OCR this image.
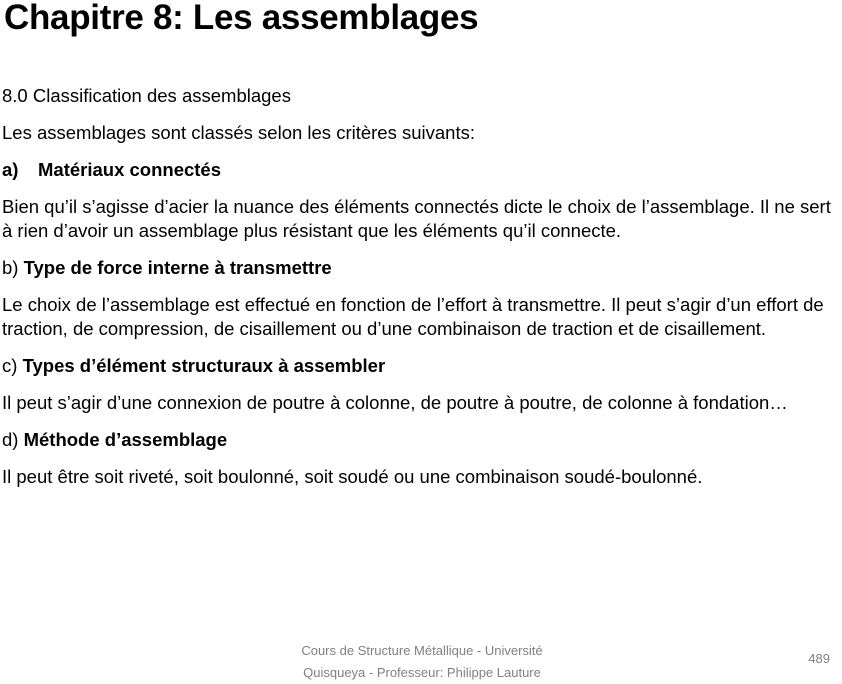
Chapitre 8: Les assemblages

8.0 Classification des assemblages

Les assemblages sont classés selon les critères suivants:

a) Matériaux connectés

Bien qu’il s’agisse d’acier la nuance des éléments connectés dicte le choix de l’assemblage. Il ne sert à rien d’avoir un assemblage plus résistant que les éléments qu’il connecte.

b) Type de force interne à transmettre

Le choix de l’assemblage est effectué en fonction de l’effort à transmettre. Il peut s’agir d’un effort de traction, de compression, de cisaillement ou d’une combinaison de traction et de cisaillement.

c) Types d’élément structuraux à assembler

Il peut s’agir d’une connexion de poutre à colonne, de poutre à poutre, de colonne à fondation…

d) Méthode d’assemblage

Il peut être soit riveté, soit boulonné, soit soudé ou une combinaison soudé-boulonné.

Cours de Structure Métallique - Université
Quisqueya - Professeur: Philippe Lauture
489
